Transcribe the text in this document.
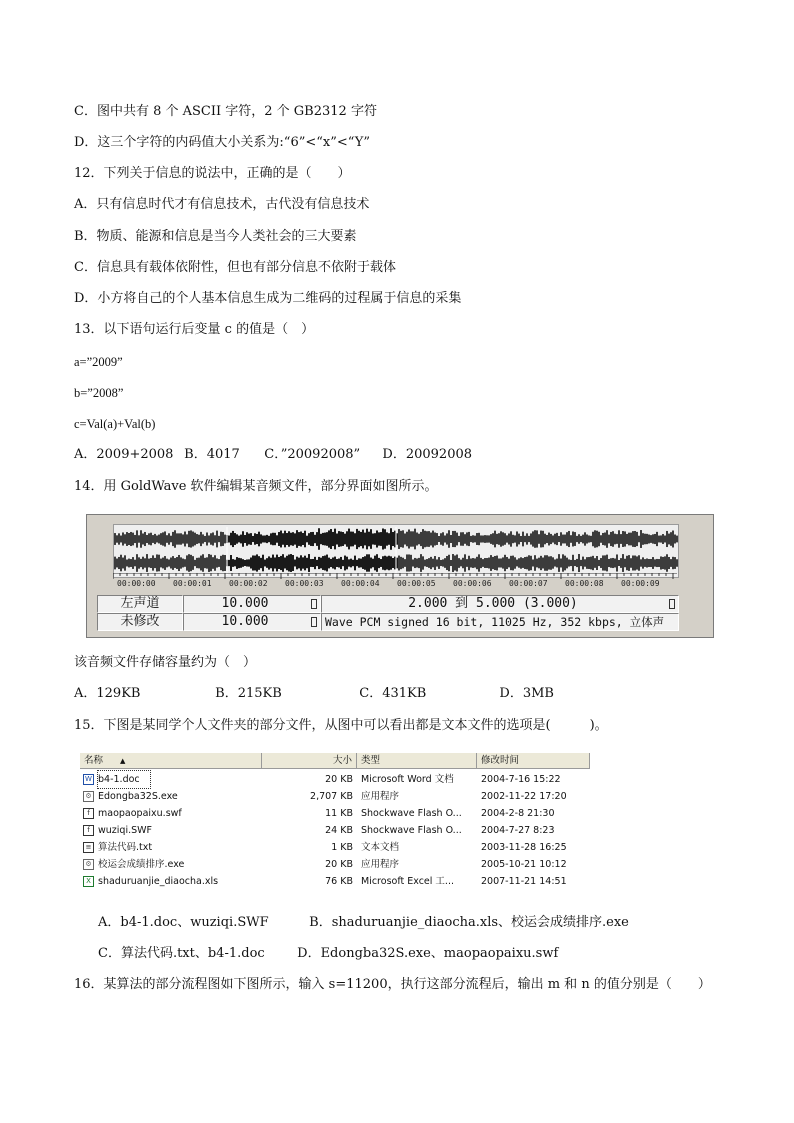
C．图中共有 8 个 ASCII 字符，2 个 GB2312 字符
D．这三个字符的内码值大小关系为:“6”<“x”<“Y”
12．下列关于信息的说法中，正确的是（　　）
A．只有信息时代才有信息技术，古代没有信息技术
B．物质、能源和信息是当今人类社会的三大要素
C．信息具有载体依附性，但也有部分信息不依附于载体
D．小方将自己的个人基本信息生成为二维码的过程属于信息的采集
13．以下语句运行后变量 c 的值是（　）
a=”2009”
b=”2008”
c=Val(a)+Val(b)
A．2009+2008 B．4017 C．”20092008” D．20092008
14．用 GoldWave 软件编辑某音频文件，部分界面如图所示。
00:00:00 00:00:01 00:00:02 00:00:03 00:00:04 00:00:05 00:00:06 00:00:07 00:00:08 00:00:09
左声道	10.000	2.000 到 5.000 (3.000)
未修改	10.000	Wave PCM signed 16 bit, 11025 Hz, 352 kbps, 立体声
该音频文件存储容量约为（　）
A．129KB	B．215KB	C．431KB	D．3MB
15．下图是某同学个人文件夹的部分文件，从图中可以看出都是文本文件的选项是(　　　)。
名称 ▲	大小 类型	修改时间
W b4-1.doc	20 KB Microsoft Word 文档	2004-7-16 15:22
⚙ Edongba32S.exe	2,707 KB 应用程序	2002-11-22 17:20
f maopaopaixu.swf	11 KB Shockwave Flash O...	2004-2-8 21:30
f wuziqi.SWF	24 KB Shockwave Flash O...	2004-7-27 8:23
≡ 算法代码.txt	1 KB 文本文档	2003-11-28 16:25
⚙ 校运会成绩排序.exe	20 KB 应用程序	2005-10-21 10:12
X shaduruanjie_diaocha.xls	76 KB Microsoft Excel 工...	2007-11-21 14:51
A．b4-1.doc、wuziqi.SWF	B．shaduruanjie_diaocha.xls、校运会成绩排序.exe
C．算法代码.txt、b4-1.doc D．Edongba32S.exe、maopaopaixu.swf
16．某算法的部分流程图如下图所示，输入 s=11200，执行这部分流程后，输出 m 和 n 的值分别是（　　）
